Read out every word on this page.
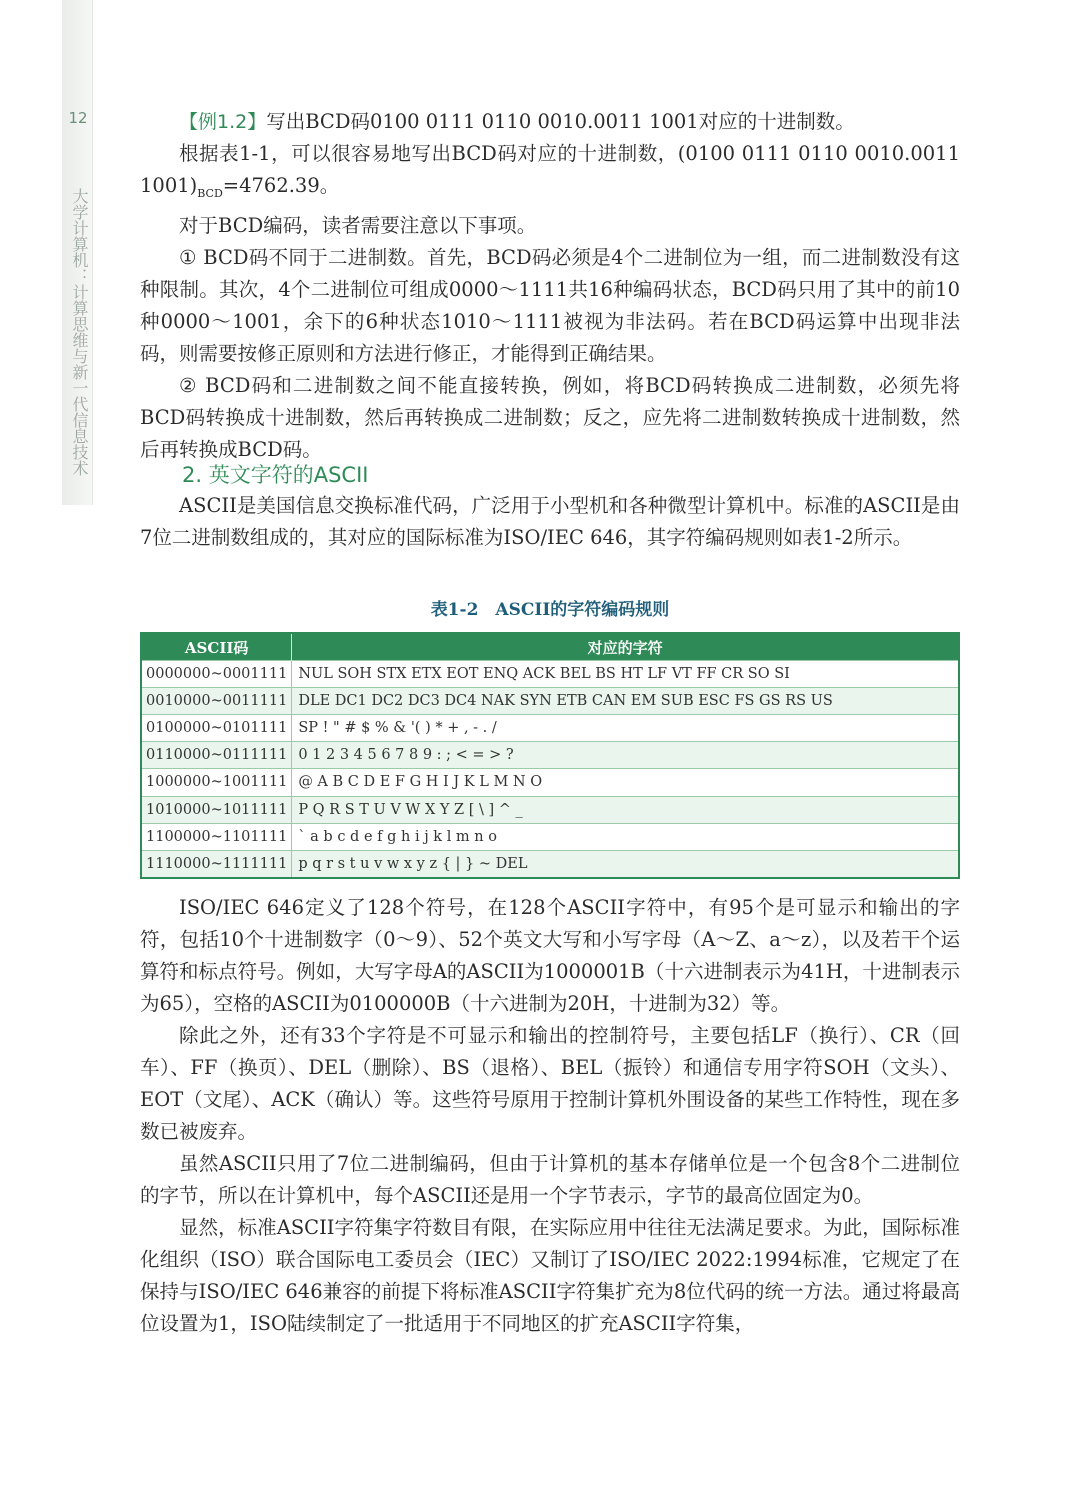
12
大学计算机：计算思维与新一代信息技术

【例1.2】写出BCD码0100 0111 0110 0010.0011 1001对应的十进制数。

根据表1-1，可以很容易地写出BCD码对应的十进制数，(0100 0111 0110 0010.0011 $1001)_{BCD}=4762.39$。

对于BCD编码，读者需要注意以下事项。

① BCD码不同于二进制数。首先，BCD码必须是4个二进制位为一组，而二进制数没有这种限制。其次，4个二进制位可组成0000～1111共16种编码状态，BCD码只用了其中的前10种0000～1001，余下的6种状态1010～1111被视为非法码。若在BCD码运算中出现非法码，则需要按修正原则和方法进行修正，才能得到正确结果。

② BCD码和二进制数之间不能直接转换，例如，将BCD码转换成二进制数，必须先将BCD码转换成十进制数，然后再转换成二进制数；反之，应先将二进制数转换成十进制数，然后再转换成BCD码。

2. 英文字符的ASCII

ASCII是美国信息交换标准代码，广泛用于小型机和各种微型计算机中。标准的ASCII是由7位二进制数组成的，其对应的国际标准为ISO/IEC 646，其字符编码规则如表1-2所示。

表1-2　ASCII的字符编码规则

ASCII码	对应的字符
0000000~0001111	NUL SOH STX ETX EOT ENQ ACK BEL BS HT LF VT FF CR SO SI
0010000~0011111	DLE DC1 DC2 DC3 DC4 NAK SYN ETB CAN EM SUB ESC FS GS RS US
0100000~0101111	SP ! " # $ % & '( ) * + , - . /
0110000~0111111	0 1 2 3 4 5 6 7 8 9 : ; < = > ?
1000000~1001111	@ A B C D E F G H I J K L M N O
1010000~1011111	P Q R S T U V W X Y Z [ \ ] ^ _
1100000~1101111	` a b c d e f g h i j k l m n o
1110000~1111111	p q r s t u v w x y z { | } ~ DEL

ISO/IEC 646定义了128个符号，在128个ASCII字符中，有95个是可显示和输出的字符，包括10个十进制数字（0～9）、52个英文大写和小写字母（A～Z、a～z），以及若干个运算符和标点符号。例如，大写字母A的ASCII为1000001B（十六进制表示为41H，十进制表示为65），空格的ASCII为0100000B（十六进制为20H，十进制为32）等。

除此之外，还有33个字符是不可显示和输出的控制符号，主要包括LF（换行）、CR（回车）、FF（换页）、DEL（删除）、BS（退格）、BEL（振铃）和通信专用字符SOH（文头）、EOT（文尾）、ACK（确认）等。这些符号原用于控制计算机外围设备的某些工作特性，现在多数已被废弃。

虽然ASCII只用了7位二进制编码，但由于计算机的基本存储单位是一个包含8个二进制位的字节，所以在计算机中，每个ASCII还是用一个字节表示，字节的最高位固定为0。

显然，标准ASCII字符集字符数目有限，在实际应用中往往无法满足要求。为此，国际标准化组织（ISO）联合国际电工委员会（IEC）又制订了ISO/IEC 2022:1994标准，它规定了在保持与ISO/IEC 646兼容的前提下将标准ASCII字符集扩充为8位代码的统一方法。通过将最高位设置为1，ISO陆续制定了一批适用于不同地区的扩充ASCII字符集，
